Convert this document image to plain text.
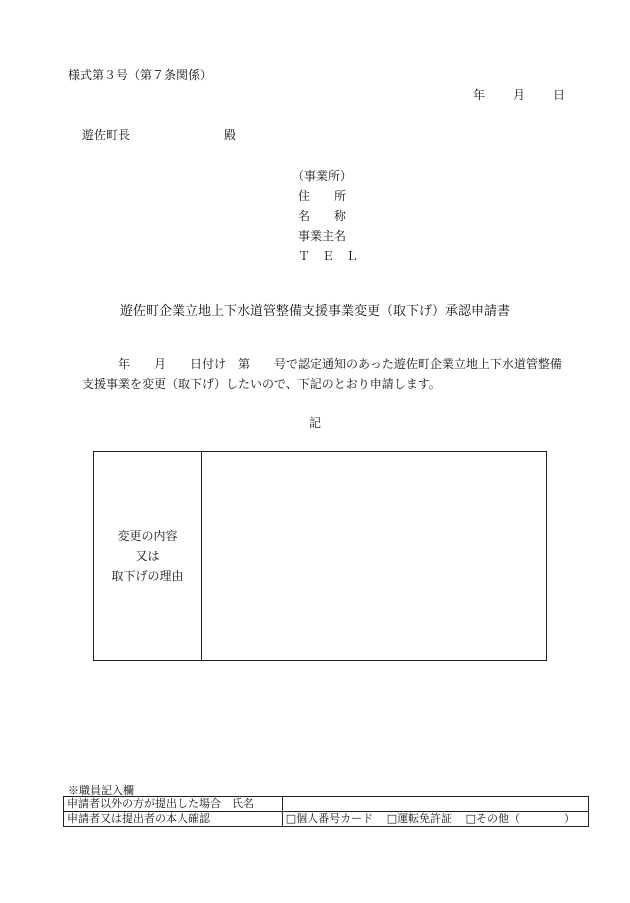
様式第３号（第７条関係）
年 月 日
遊佐町長	殿
（事業所）
住　　所
名　　称
事業主名
Ｔ　Ｅ　Ｌ
遊佐町企業立地上下水道管整備支援事業変更（取下げ）承認申請書
　　　年　　月　　日付け　第　　号で認定通知のあった遊佐町企業立地上下水道管整備支援事業を変更（取下げ）したいので、下記のとおり申請します。
記
変更の内容
又は
取下げの理由

※職員記入欄
申請者以外の方が提出した場合　氏名	
申請者又は提出者の本人確認	□個人番号カード □運転免許証 □その他（　　　　）
